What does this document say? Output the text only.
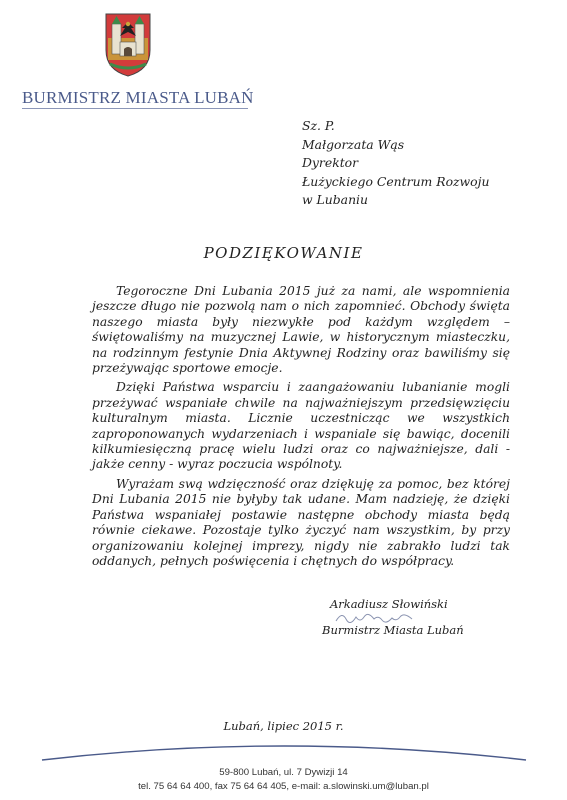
BURMISTRZ MIASTA LUBAŃ
Sz. P.
Małgorzata Wąs
Dyrektor
Łużyckiego Centrum Rozwoju
w Lubaniu
PODZIĘKOWANIE

Tegoroczne Dni Lubania 2015 już za nami, ale wspomnienia jeszcze długo nie pozwolą nam o nich zapomnieć. Obchody święta naszego miasta były niezwykłe pod każdym względem – świętowaliśmy na muzycznej Lawie, w historycznym miasteczku, na rodzinnym festynie Dnia Aktywnej Rodziny oraz bawiliśmy się przeżywając sportowe emocje.

Dzięki Państwa wsparciu i zaangażowaniu lubanianie mogli przeżywać wspaniałe chwile na najważniejszym przedsięwzięciu kulturalnym miasta. Licznie uczestnicząc we wszystkich zaproponowanych wydarzeniach i wspaniale się bawiąc, docenili kilkumiesięczną pracę wielu ludzi oraz co najważniejsze, dali - jakże cenny - wyraz poczucia wspólnoty.

Wyrażam swą wdzięczność oraz dziękuję za pomoc, bez której Dni Lubania 2015 nie byłyby tak udane. Mam nadzieję, że dzięki Państwa wspaniałej postawie następne obchody miasta będą równie ciekawe. Pozostaje tylko życzyć nam wszystkim, by przy organizowaniu kolejnej imprezy, nigdy nie zabrakło ludzi tak oddanych, pełnych poświęcenia i chętnych do współpracy.

Arkadiusz Słowiński
Burmistrz Miasta Lubań
Lubań, lipiec 2015 r.
59-800 Lubań, ul. 7 Dywizji 14
tel. 75 64 64 400, fax 75 64 64 405, e-mail: a.slowinski.um@luban.pl
